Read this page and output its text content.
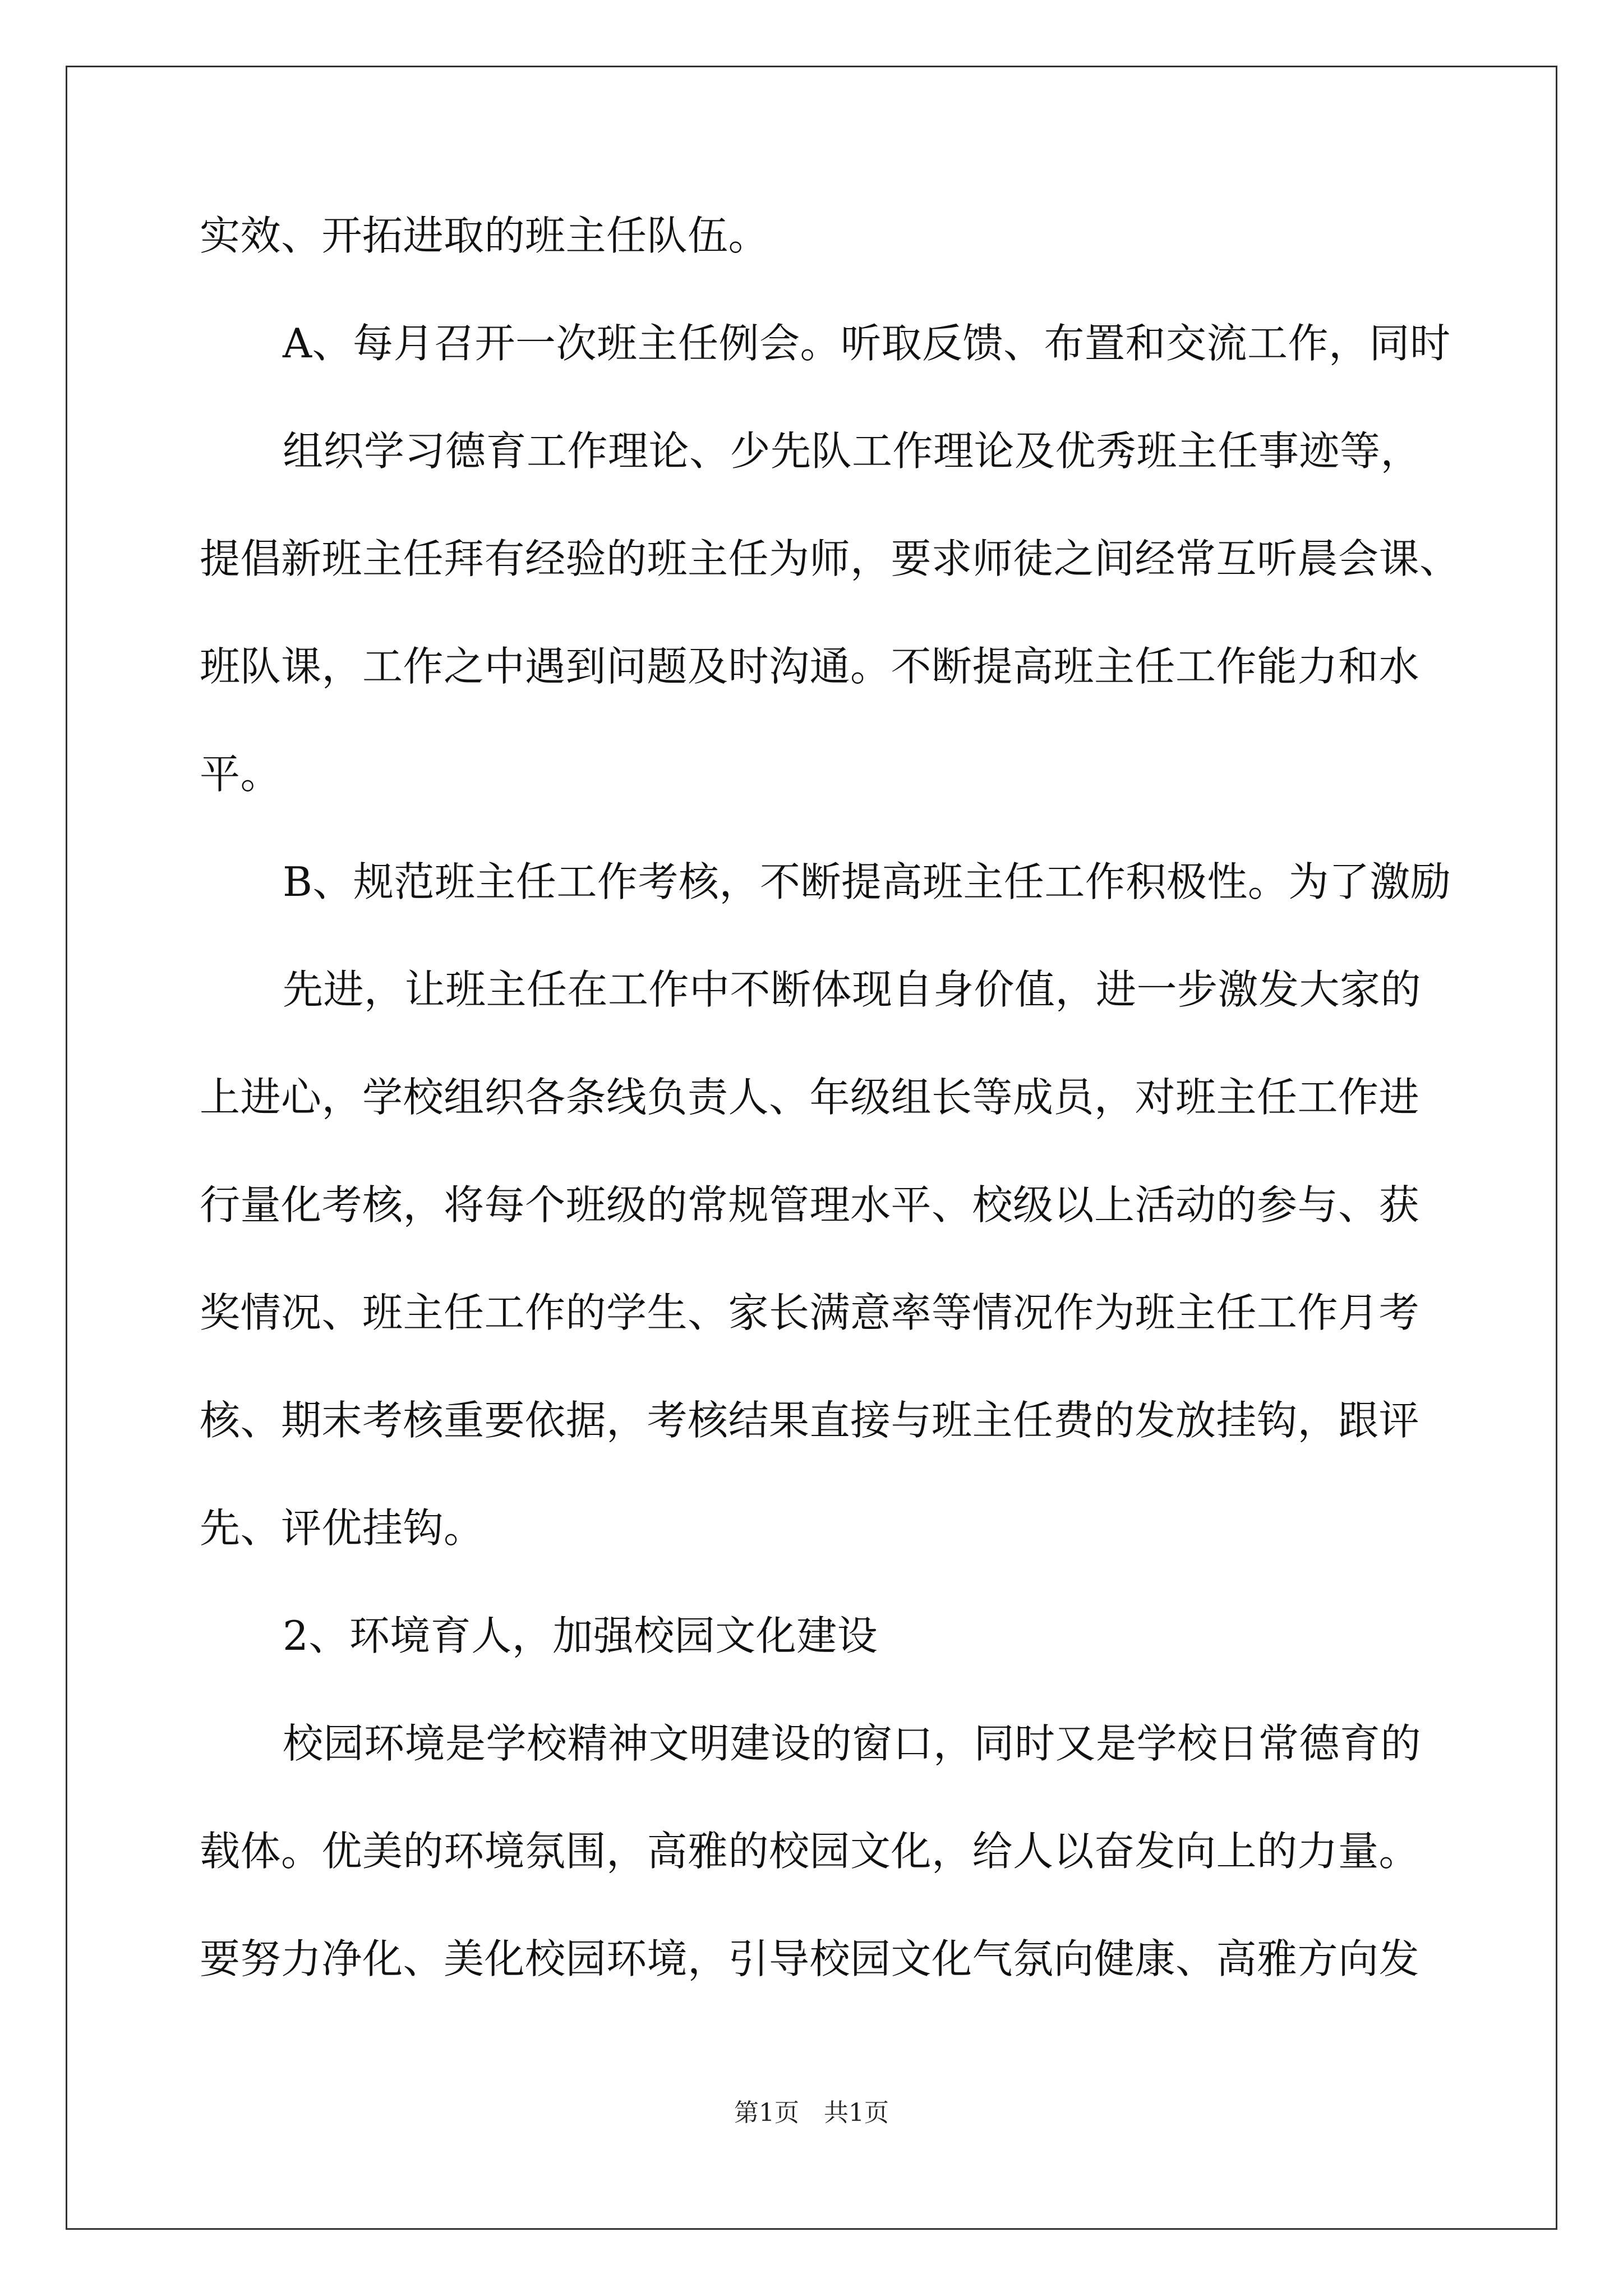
实效、开拓进取的班主任队伍。

A、每月召开一次班主任例会。听取反馈、布置和交流工作，同时

组织学习德育工作理论、少先队工作理论及优秀班主任事迹等，

提倡新班主任拜有经验的班主任为师，要求师徒之间经常互听晨会课、

班队课，工作之中遇到问题及时沟通。不断提高班主任工作能力和水

平。

B、规范班主任工作考核，不断提高班主任工作积极性。为了激励

先进，让班主任在工作中不断体现自身价值，进一步激发大家的

上进心，学校组织各条线负责人、年级组长等成员，对班主任工作进

行量化考核，将每个班级的常规管理水平、校级以上活动的参与、获

奖情况、班主任工作的学生、家长满意率等情况作为班主任工作月考

核、期末考核重要依据，考核结果直接与班主任费的发放挂钩，跟评

先、评优挂钩。

2、环境育人，加强校园文化建设

校园环境是学校精神文明建设的窗口，同时又是学校日常德育的

载体。优美的环境氛围，高雅的校园文化，给人以奋发向上的力量。

要努力净化、美化校园环境，引导校园文化气氛向健康、高雅方向发

第1页　共1页
